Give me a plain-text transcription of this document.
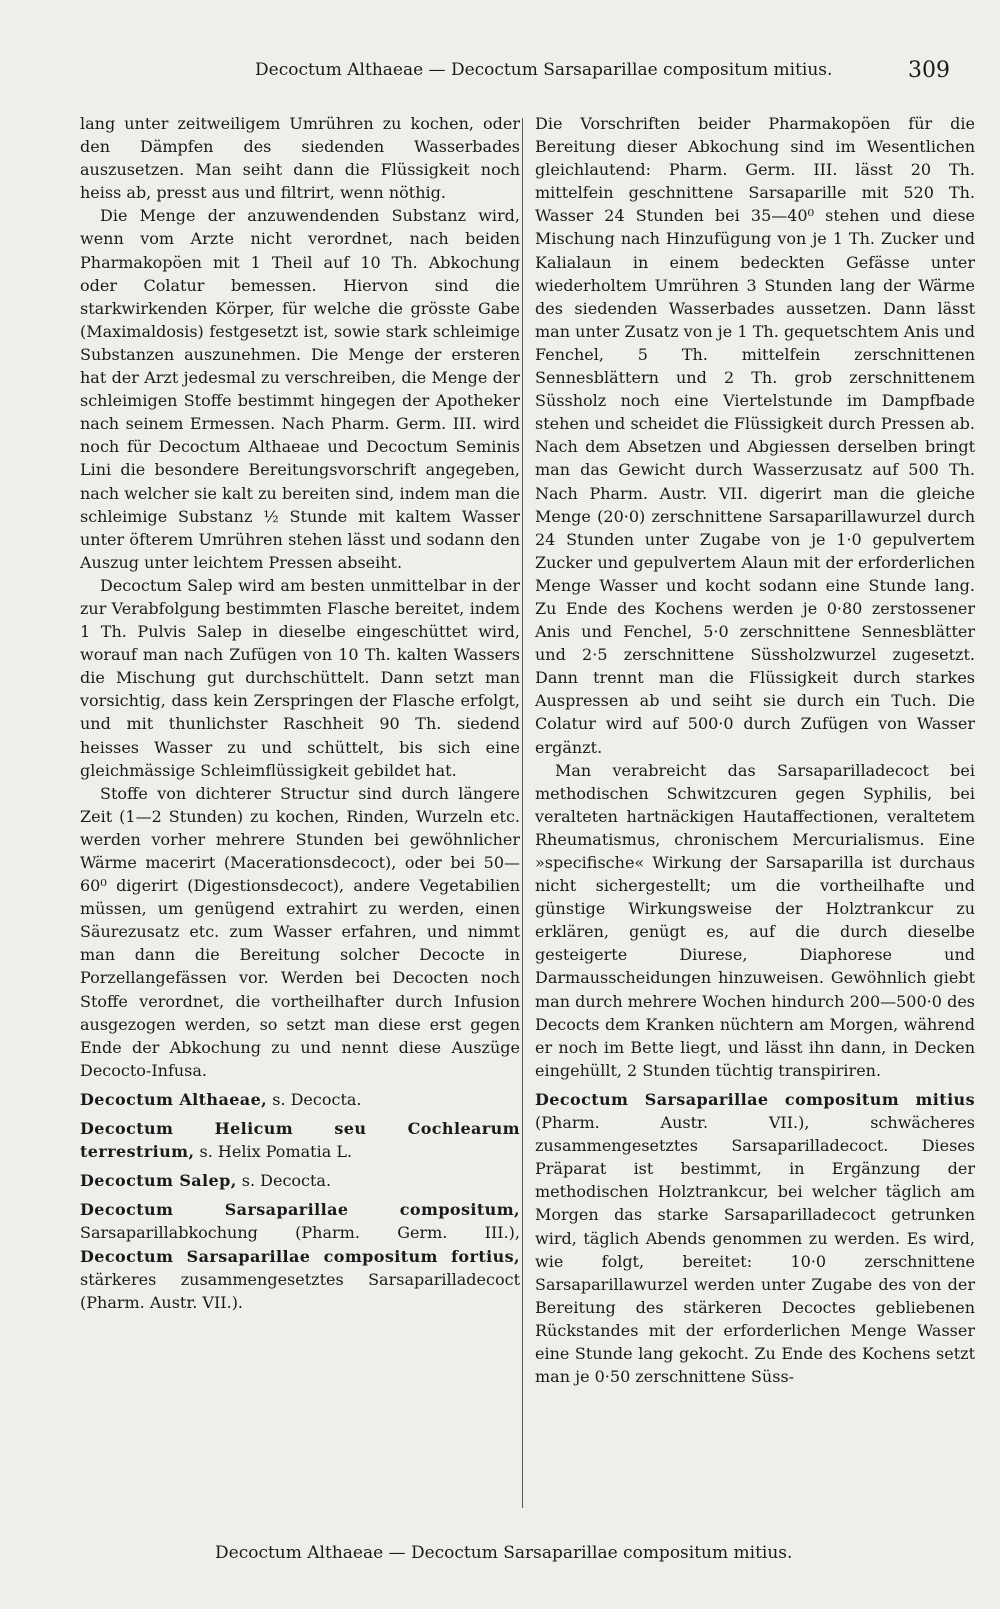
Decoctum Althaeae — Decoctum Sarsaparillae compositum mitius.	309

lang unter zeitweiligem Umrühren zu kochen, oder den Dämpfen des siedenden Wasserbades auszusetzen. Man seiht dann die Flüssigkeit noch heiss ab, presst aus und filtrirt, wenn nöthig.

Die Menge der anzuwendenden Substanz wird, wenn vom Arzte nicht verordnet, nach beiden Pharmakopöen mit 1 Theil auf 10 Th. Abkochung oder Colatur bemessen. Hiervon sind die starkwirkenden Körper, für welche die grösste Gabe (Maximaldosis) festgesetzt ist, sowie stark schleimige Substanzen auszunehmen. Die Menge der ersteren hat der Arzt jedesmal zu verschreiben, die Menge der schleimigen Stoffe bestimmt hingegen der Apotheker nach seinem Ermessen. Nach Pharm. Germ. III. wird noch für Decoctum Althaeae und Decoctum Seminis Lini die besondere Bereitungsvorschrift angegeben, nach welcher sie kalt zu bereiten sind, indem man die schleimige Substanz ½ Stunde mit kaltem Wasser unter öfterem Umrühren stehen lässt und sodann den Auszug unter leichtem Pressen abseiht.

Decoctum Salep wird am besten unmittelbar in der zur Verabfolgung bestimmten Flasche bereitet, indem 1 Th. Pulvis Salep in dieselbe eingeschüttet wird, worauf man nach Zufügen von 10 Th. kalten Wassers die Mischung gut durchschüttelt. Dann setzt man vorsichtig, dass kein Zerspringen der Flasche erfolgt, und mit thunlichster Raschheit 90 Th. siedend heisses Wasser zu und schüttelt, bis sich eine gleichmässige Schleimflüssigkeit gebildet hat.

Stoffe von dichterer Structur sind durch längere Zeit (1—2 Stunden) zu kochen, Rinden, Wurzeln etc. werden vorher mehrere Stunden bei gewöhnlicher Wärme macerirt (Macerationsdecoct), oder bei 50—60⁰ digerirt (Digestionsdecoct), andere Vegetabilien müssen, um genügend extrahirt zu werden, einen Säurezusatz etc. zum Wasser erfahren, und nimmt man dann die Bereitung solcher Decocte in Porzellangefässen vor. Werden bei Decocten noch Stoffe verordnet, die vortheilhafter durch Infusion ausgezogen werden, so setzt man diese erst gegen Ende der Abkochung zu und nennt diese Auszüge Decocto-Infusa.

Decoctum Althaeae, s. Decocta.

Decoctum Helicum seu Cochlearum terrestrium, s. Helix Pomatia L.

Decoctum Salep, s. Decocta.

Decoctum Sarsaparillae compositum, Sarsaparillabkochung (Pharm. Germ. III.), Decoctum Sarsaparillae compositum fortius, stärkeres zusammengesetztes Sarsaparilladecoct (Pharm. Austr. VII.).

Die Vorschriften beider Pharmakopöen für die Bereitung dieser Abkochung sind im Wesentlichen gleichlautend: Pharm. Germ. III. lässt 20 Th. mittelfein geschnittene Sarsaparille mit 520 Th. Wasser 24 Stunden bei 35—40⁰ stehen und diese Mischung nach Hinzufügung von je 1 Th. Zucker und Kalialaun in einem bedeckten Gefässe unter wiederholtem Umrühren 3 Stunden lang der Wärme des siedenden Wasserbades aussetzen. Dann lässt man unter Zusatz von je 1 Th. gequetschtem Anis und Fenchel, 5 Th. mittelfein zerschnittenen Sennesblättern und 2 Th. grob zerschnittenem Süssholz noch eine Viertelstunde im Dampfbade stehen und scheidet die Flüssigkeit durch Pressen ab. Nach dem Absetzen und Abgiessen derselben bringt man das Gewicht durch Wasserzusatz auf 500 Th. Nach Pharm. Austr. VII. digerirt man die gleiche Menge (20·0) zerschnittene Sarsaparillawurzel durch 24 Stunden unter Zugabe von je 1·0 gepulvertem Zucker und gepulvertem Alaun mit der erforderlichen Menge Wasser und kocht sodann eine Stunde lang. Zu Ende des Kochens werden je 0·80 zerstossener Anis und Fenchel, 5·0 zerschnittene Sennesblätter und 2·5 zerschnittene Süssholzwurzel zugesetzt. Dann trennt man die Flüssigkeit durch starkes Auspressen ab und seiht sie durch ein Tuch. Die Colatur wird auf 500·0 durch Zufügen von Wasser ergänzt.

Man verabreicht das Sarsaparilladecoct bei methodischen Schwitzcuren gegen Syphilis, bei veralteten hartnäckigen Hautaffectionen, veraltetem Rheumatismus, chronischem Mercurialismus. Eine »specifische« Wirkung der Sarsaparilla ist durchaus nicht sichergestellt; um die vortheilhafte und günstige Wirkungsweise der Holztrankcur zu erklären, genügt es, auf die durch dieselbe gesteigerte Diurese, Diaphorese und Darmausscheidungen hinzuweisen. Gewöhnlich giebt man durch mehrere Wochen hindurch 200—500·0 des Decocts dem Kranken nüchtern am Morgen, während er noch im Bette liegt, und lässt ihn dann, in Decken eingehüllt, 2 Stunden tüchtig transpiriren.

Decoctum Sarsaparillae compositum mitius (Pharm. Austr. VII.), schwächeres zusammengesetztes Sarsaparilladecoct. Dieses Präparat ist bestimmt, in Ergänzung der methodischen Holztrankcur, bei welcher täglich am Morgen das starke Sarsaparilladecoct getrunken wird, täglich Abends genommen zu werden. Es wird, wie folgt, bereitet: 10·0 zerschnittene Sarsaparillawurzel werden unter Zugabe des von der Bereitung des stärkeren Decoctes gebliebenen Rückstandes mit der erforderlichen Menge Wasser eine Stunde lang gekocht. Zu Ende des Kochens setzt man je 0·50 zerschnittene Süss-

Decoctum Althaeae — Decoctum Sarsaparillae compositum mitius.
